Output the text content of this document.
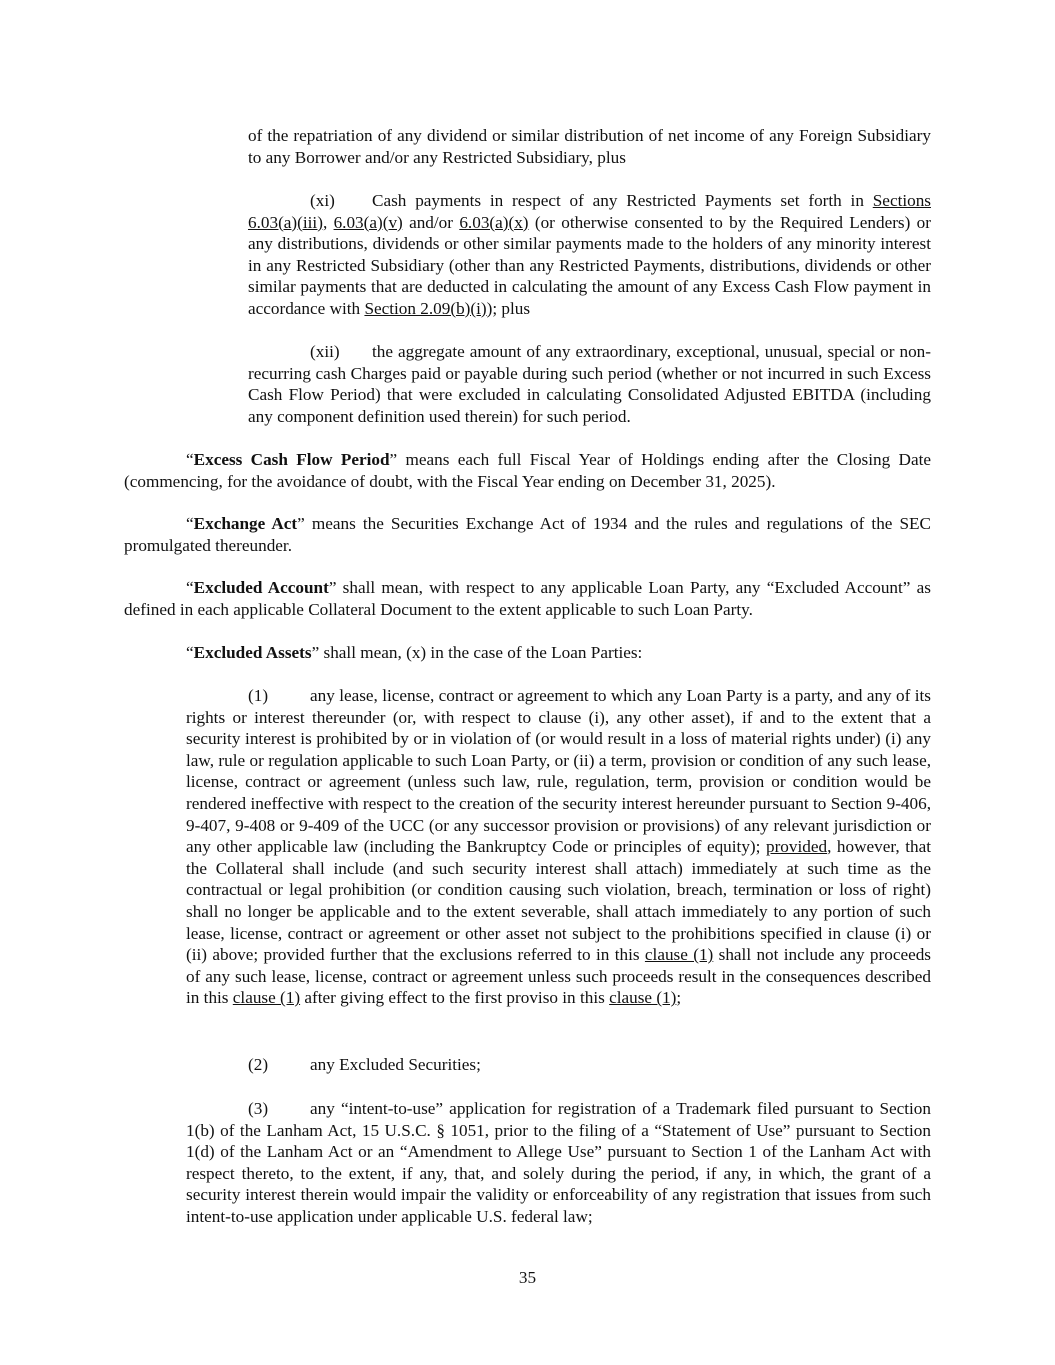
of the repatriation of any dividend or similar distribution of net income of any Foreign Subsidiary to any Borrower and/or any Restricted Subsidiary, plus

(xi) Cash payments in respect of any Restricted Payments set forth in Sections 6.03(a)(iii), 6.03(a)(v) and/or 6.03(a)(x) (or otherwise consented to by the Required Lenders) or any distributions, dividends or other similar payments made to the holders of any minority interest in any Restricted Subsidiary (other than any Restricted Payments, distributions, dividends or other similar payments that are deducted in calculating the amount of any Excess Cash Flow payment in accordance with Section 2.09(b)(i)); plus

(xii) the aggregate amount of any extraordinary, exceptional, unusual, special or non-recurring cash Charges paid or payable during such period (whether or not incurred in such Excess Cash Flow Period) that were excluded in calculating Consolidated Adjusted EBITDA (including any component definition used therein) for such period.

“Excess Cash Flow Period” means each full Fiscal Year of Holdings ending after the Closing Date (commencing, for the avoidance of doubt, with the Fiscal Year ending on December 31, 2025).

“Exchange Act” means the Securities Exchange Act of 1934 and the rules and regulations of the SEC promulgated thereunder.

“Excluded Account” shall mean, with respect to any applicable Loan Party, any “Excluded Account” as defined in each applicable Collateral Document to the extent applicable to such Loan Party.

“Excluded Assets” shall mean, (x) in the case of the Loan Parties:

(1) any lease, license, contract or agreement to which any Loan Party is a party, and any of its rights or interest thereunder (or, with respect to clause (i), any other asset), if and to the extent that a security interest is prohibited by or in violation of (or would result in a loss of material rights under) (i) any law, rule or regulation applicable to such Loan Party, or (ii) a term, provision or condition of any such lease, license, contract or agreement (unless such law, rule, regulation, term, provision or condition would be rendered ineffective with respect to the creation of the security interest hereunder pursuant to Section 9-406, 9-407, 9-408 or 9-409 of the UCC (or any successor provision or provisions) of any relevant jurisdiction or any other applicable law (including the Bankruptcy Code or principles of equity); provided, however, that the Collateral shall include (and such security interest shall attach) immediately at such time as the contractual or legal prohibition (or condition causing such violation, breach, termination or loss of right) shall no longer be applicable and to the extent severable, shall attach immediately to any portion of such lease, license, contract or agreement or other asset not subject to the prohibitions specified in clause (i) or (ii) above; provided further that the exclusions referred to in this clause (1) shall not include any proceeds of any such lease, license, contract or agreement unless such proceeds result in the consequences described in this clause (1) after giving effect to the first proviso in this clause (1);

(2) any Excluded Securities;

(3) any “intent-to-use” application for registration of a Trademark filed pursuant to Section 1(b) of the Lanham Act, 15 U.S.C. § 1051, prior to the filing of a “Statement of Use” pursuant to Section 1(d) of the Lanham Act or an “Amendment to Allege Use” pursuant to Section 1 of the Lanham Act with respect thereto, to the extent, if any, that, and solely during the period, if any, in which, the grant of a security interest therein would impair the validity or enforceability of any registration that issues from such intent-to-use application under applicable U.S. federal law;

35
